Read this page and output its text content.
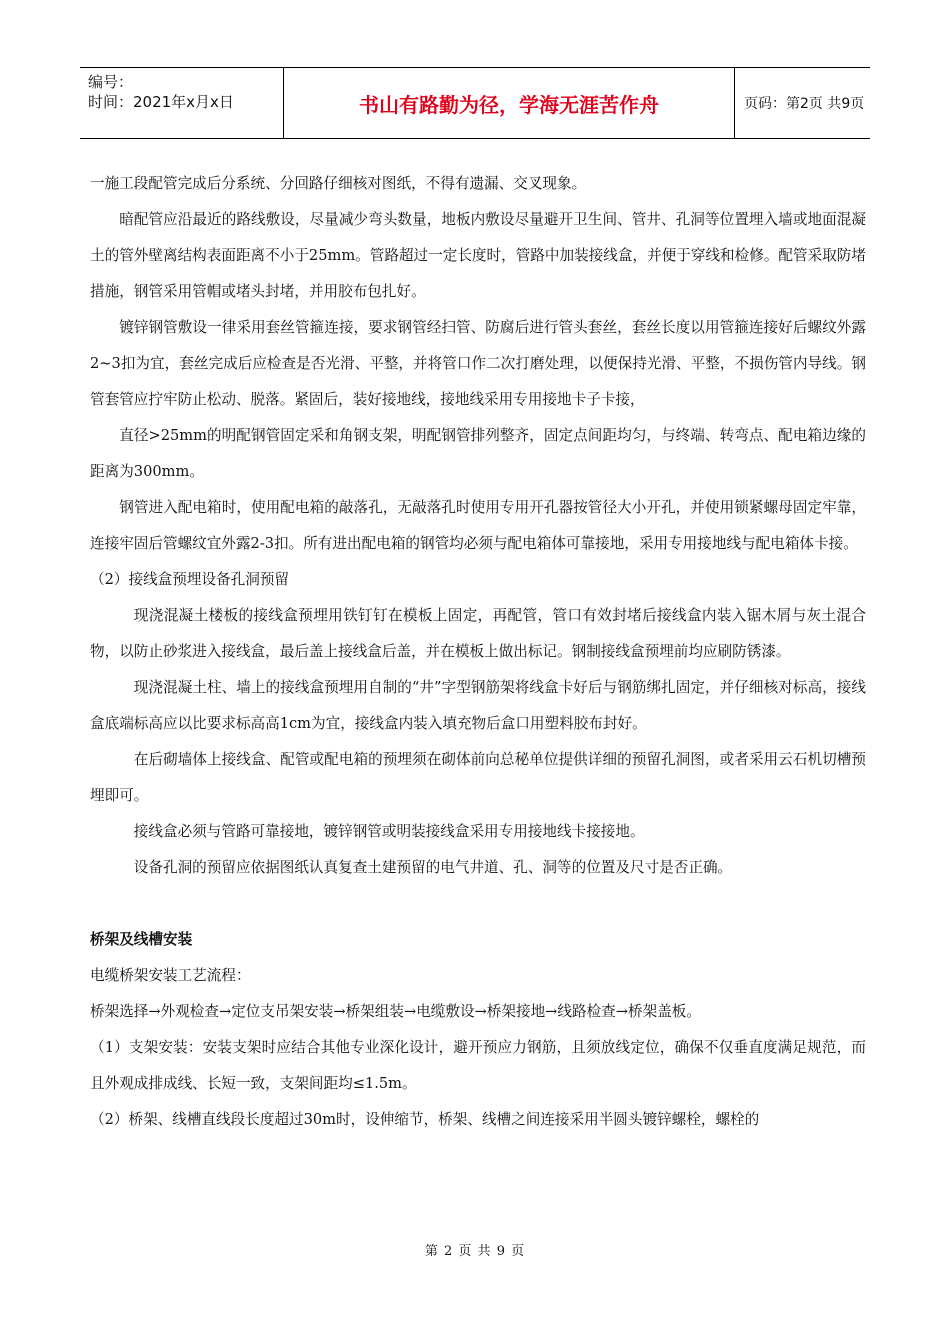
编号：
时间：2021年x月x日	书山有路勤为径，学海无涯苦作舟	页码：第2页 共9页

一施工段配管完成后分系统、分回路仔细核对图纸，不得有遗漏、交叉现象。

暗配管应沿最近的路线敷设，尽量减少弯头数量，地板内敷设尽量避开卫生间、管井、孔洞等位置埋入墙或地面混凝土的管外壁离结构表面距离不小于25mm。管路超过一定长度时，管路中加装接线盒，并便于穿线和检修。配管采取防堵措施，钢管采用管帽或堵头封堵，并用胶布包扎好。

镀锌钢管敷设一律采用套丝管箍连接，要求钢管经扫管、防腐后进行管头套丝，套丝长度以用管箍连接好后螺纹外露2~3扣为宜，套丝完成后应检查是否光滑、平整，并将管口作二次打磨处理，以便保持光滑、平整，不损伤管内导线。钢管套管应拧牢防止松动、脱落。紧固后，装好接地线，接地线采用专用接地卡子卡接，

直径>25mm的明配钢管固定采和角钢支架，明配钢管排列整齐，固定点间距均匀，与终端、转弯点、配电箱边缘的距离为300mm。

钢管进入配电箱时，使用配电箱的敲落孔，无敲落孔时使用专用开孔器按管径大小开孔，并使用锁紧螺母固定牢靠，连接牢固后管螺纹宜外露2-3扣。所有进出配电箱的钢管均必须与配电箱体可靠接地，采用专用接地线与配电箱体卡接。

（2）接线盒预埋设备孔洞预留

现浇混凝土楼板的接线盒预埋用铁钉钉在模板上固定，再配管，管口有效封堵后接线盒内装入锯木屑与灰土混合物，以防止砂浆进入接线盒，最后盖上接线盒后盖，并在模板上做出标记。钢制接线盒预埋前均应刷防锈漆。

现浇混凝土柱、墙上的接线盒预埋用自制的“井”字型钢筋架将线盒卡好后与钢筋绑扎固定，并仔细核对标高，接线盒底端标高应以比要求标高高1cm为宜，接线盒内装入填充物后盒口用塑料胶布封好。

在后砌墙体上接线盒、配管或配电箱的预埋须在砌体前向总秘单位提供详细的预留孔洞图，或者采用云石机切槽预埋即可。

接线盒必须与管路可靠接地，镀锌钢管或明装接线盒采用专用接地线卡接接地。

设备孔洞的预留应依据图纸认真复查土建预留的电气井道、孔、洞等的位置及尺寸是否正确。

桥架及线槽安装

电缆桥架安装工艺流程：

桥架选择→外观检查→定位支吊架安装→桥架组装→电缆敷设→桥架接地→线路检查→桥架盖板。

（1）支架安装：安装支架时应结合其他专业深化设计，避开预应力钢筋，且须放线定位，确保不仅垂直度满足规范，而且外观成排成线、长短一致，支架间距均≤1.5m。

（2）桥架、线槽直线段长度超过30m时，设伸缩节，桥架、线槽之间连接采用半圆头镀锌螺栓，螺栓的

第 2 页 共 9 页
